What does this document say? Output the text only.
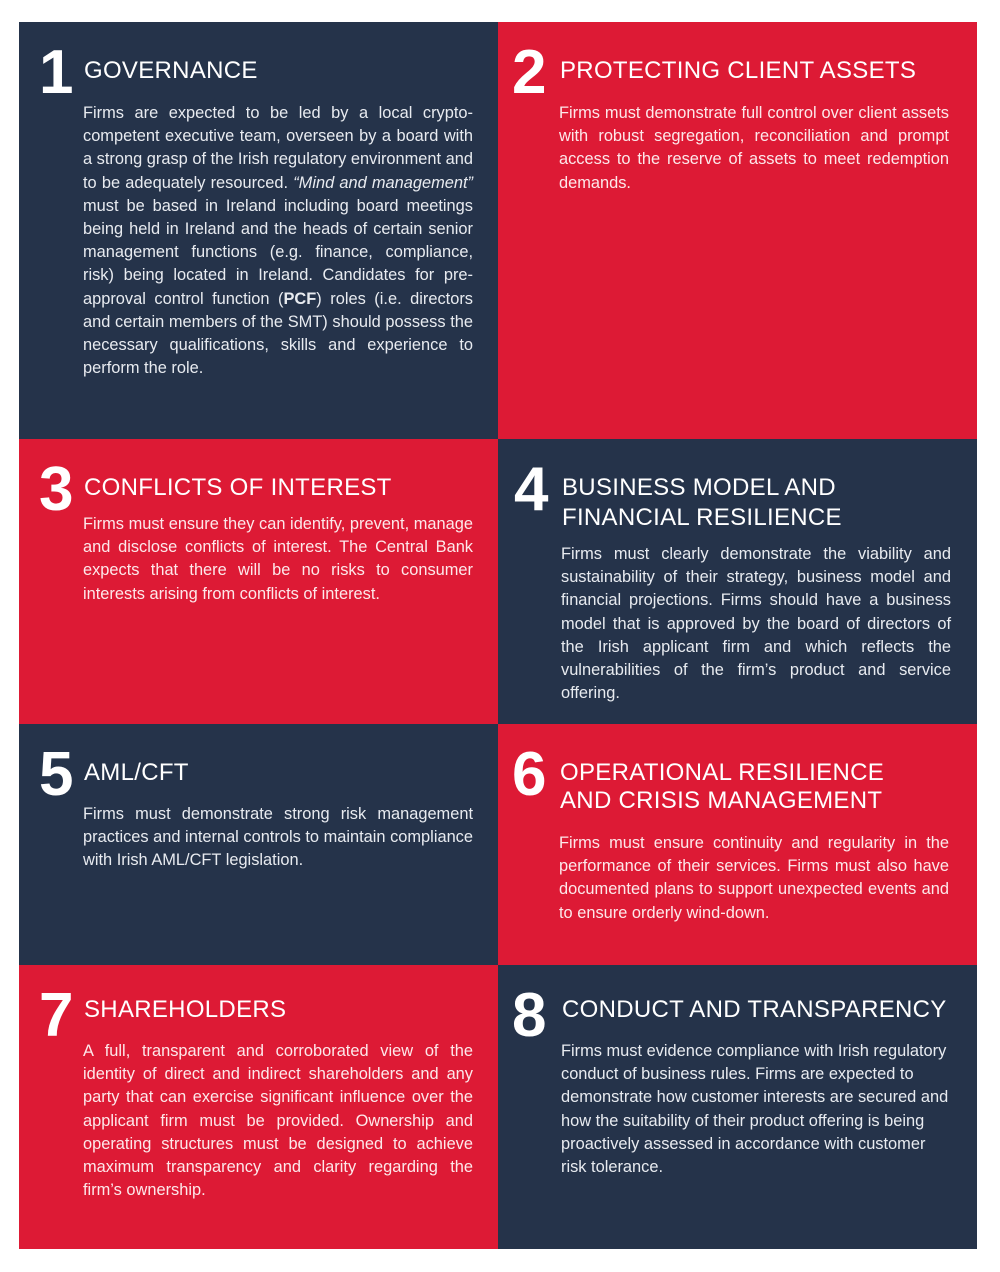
1 GOVERNANCE

Firms are expected to be led by a local crypto-competent executive team, overseen by a board with a strong grasp of the Irish regulatory environment and to be adequately resourced. “Mind and management” must be based in Ireland including board meetings being held in Ireland and the heads of certain senior management functions (e.g. finance, compliance, risk) being located in Ireland. Candidates for pre-approval control function (PCF) roles (i.e. directors and certain members of the SMT) should possess the necessary qualifications, skills and experience to perform the role.

2 PROTECTING CLIENT ASSETS

Firms must demonstrate full control over client assets with robust segregation, reconciliation and prompt access to the reserve of assets to meet redemption demands.

3 CONFLICTS OF INTEREST

Firms must ensure they can identify, prevent, manage and disclose conflicts of interest. The Central Bank expects that there will be no risks to consumer interests arising from conflicts of interest.

4 BUSINESS MODEL AND
FINANCIAL RESILIENCE

Firms must clearly demonstrate the viability and sustainability of their strategy, business model and financial projections. Firms should have a business model that is approved by the board of directors of the Irish applicant firm and which reflects the vulnerabilities of the firm’s product and service offering.

5 AML/CFT

Firms must demonstrate strong risk management practices and internal controls to maintain compliance with Irish AML/CFT legislation.

6 OPERATIONAL RESILIENCE
AND CRISIS MANAGEMENT

Firms must ensure continuity and regularity in the performance of their services. Firms must also have documented plans to support unexpected events and to ensure orderly wind-down.

7 SHAREHOLDERS

A full, transparent and corroborated view of the identity of direct and indirect shareholders and any party that can exercise significant influence over the applicant firm must be provided. Ownership and operating structures must be designed to achieve maximum transparency and clarity regarding the firm’s ownership.

8 CONDUCT AND TRANSPARENCY

Firms must evidence compliance with Irish regulatory conduct of business rules. Firms are expected to demonstrate how customer interests are secured and how the suitability of their product offering is being proactively assessed in accordance with customer risk tolerance.
